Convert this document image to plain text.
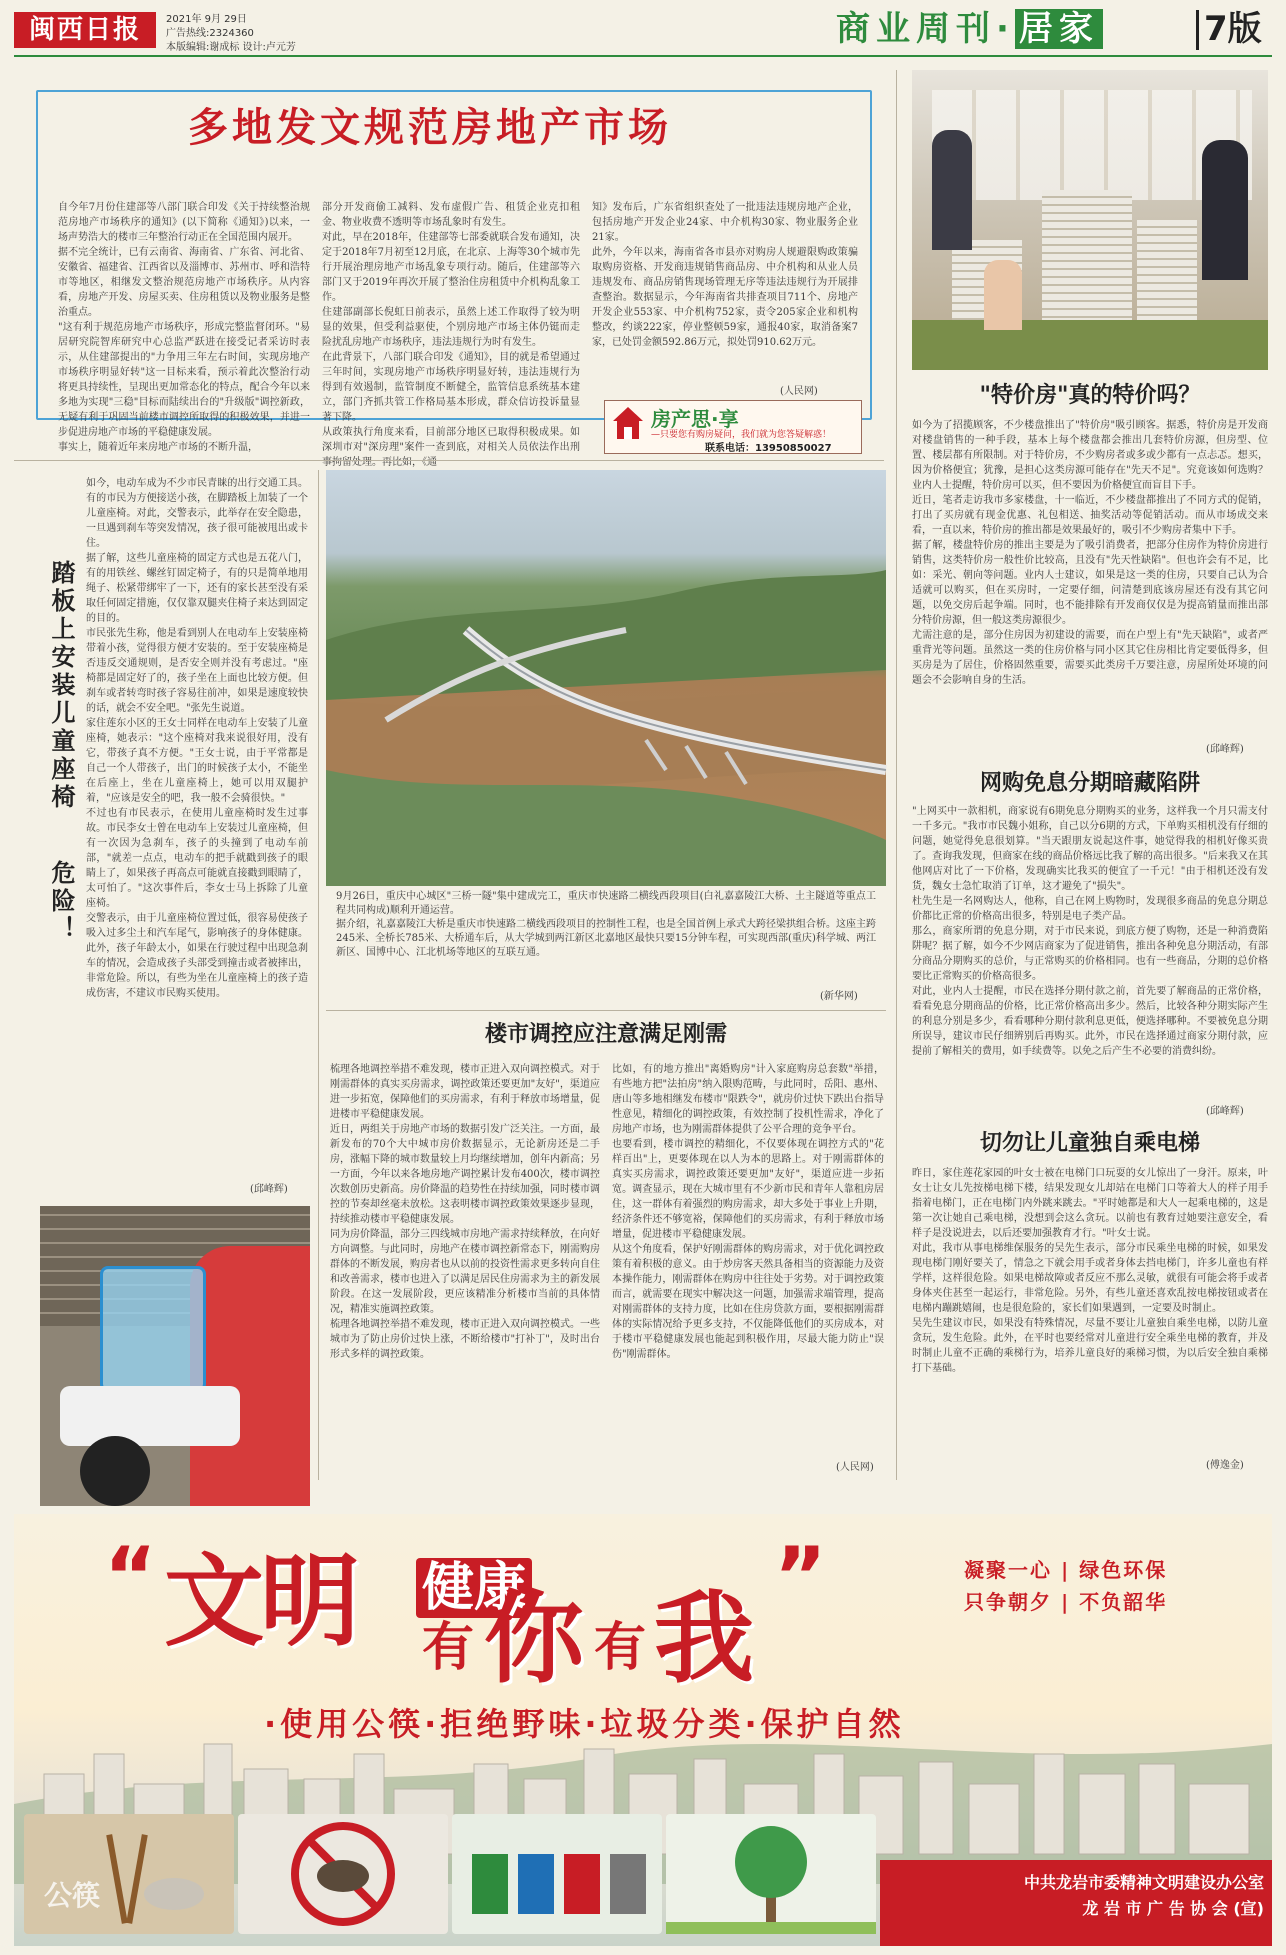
闽西日报	2021年 9月 29日
广告热线:2324360
本版编辑:谢成标 设计:卢元芳	商业周刊· 居家	7版
多地发文规范房地产市场
自今年7月份住建部等八部门联合印发《关于持续整治规范房地产市场秩序的通知》(以下简称《通知》)以来，一场声势浩大的楼市三年整治行动正在全国范围内展开。
据不完全统计，已有云南省、海南省、广东省、河北省、安徽省、福建省、江西省以及淄博市、苏州市、呼和浩特市等地区，相继发文整治规范房地产市场秩序。从内容看，房地产开发、房屋买卖、住房租赁以及物业服务是整治重点。
"这有利于规范房地产市场秩序，形成完整监督闭环。"易居研究院智库研究中心总监严跃进在接受记者采访时表示，从住建部提出的"力争用三年左右时间，实现房地产市场秩序明显好转"这一目标来看，预示着此次整治行动将更具持续性，呈现出更加常态化的特点，配合今年以来多地为实现"三稳"目标而陆续出台的"升级版"调控新政，无疑有利于巩固当前楼市调控所取得的积极效果，并进一步促进房地产市场的平稳健康发展。
事实上，随着近年来房地产市场的不断升温，
部分开发商偷工减料、发布虚假广告、租赁企业克扣租金、物业收费不透明等市场乱象时有发生。
对此，早在2018年，住建部等七部委就联合发布通知，决定于2018年7月初至12月底，在北京、上海等30个城市先行开展治理房地产市场乱象专项行动。随后，住建部等六部门又于2019年再次开展了整治住房租赁中介机构乱象工作。
住建部副部长倪虹日前表示，虽然上述工作取得了较为明显的效果，但受利益驱使，个别房地产市场主体仍铤而走险扰乱房地产市场秩序，违法违规行为时有发生。
在此背景下，八部门联合印发《通知》，目的就是希望通过三年时间，实现房地产市场秩序明显好转，违法违规行为得到有效遏制，监管制度不断健全，监管信息系统基本建立，部门齐抓共管工作格局基本形成，群众信访投诉量显著下降。
从政策执行角度来看，目前部分地区已取得积极成果。如深圳市对"深房理"案件一查到底，对相关人员依法作出刑事拘留处理。再比如，《通
知》发布后，广东省组织查处了一批违法违规房地产企业，包括房地产开发企业24家、中介机构30家、物业服务企业21家。
此外，今年以来，海南省各市县亦对购房人规避限购政策骗取购房资格、开发商违规销售商品房、中介机构和从业人员违规发布、商品房销售现场管理无序等违法违规行为开展排查整治。数据显示，今年海南省共排查项目711个、房地产开发企业553家、中介机构752家，责令205家企业和机构整改，约谈222家，停业整顿59家，通报40家，取消备案7家，已处罚金额592.86万元，拟处罚910.62万元。
(人民网)
房产思·享
—只要您有购房疑问，我们就为您答疑解惑！
联系电话：13950850027
"特价房"真的特价吗？
如今为了招揽顾客，不少楼盘推出了"特价房"吸引顾客。据悉，特价房是开发商对楼盘销售的一种手段，基本上每个楼盘都会推出几套特价房源，但房型、位置、楼层都有所限制。对于特价房，不少购房者或多或少都有一点忐忑。想买，因为价格便宜；犹豫，是担心这类房源可能存在"先天不足"。究竟该如何选购？业内人士提醒，特价房可以买，但不要因为价格便宜而盲目下手。
近日，笔者走访我市多家楼盘，十一临近，不少楼盘都推出了不同方式的促销，打出了买房就有现金优惠、礼包相送、抽奖活动等促销活动。而从市场成交来看，一直以来，特价房的推出都是效果最好的，吸引不少购房者集中下手。
据了解，楼盘特价房的推出主要是为了吸引消费者，把部分住房作为特价房进行销售，这类特价房一般性价比较高，且没有"先天性缺陷"。但也许会有不足，比如：采光、朝向等问题。业内人士建议，如果是这一类的住房，只要自己认为合适就可以购买，但在买房时，一定要仔细，问清楚到底该房屋还有没有其它问题，以免交房后起争端。同时，也不能排除有开发商仅仅是为提高销量而推出部分特价房源，但一般这类房源很少。
尤需注意的是，部分住房因为初建设的需要，而在户型上有"先天缺陷"，或者严重背光等问题。虽然这一类的住房价格与同小区其它住房相比肯定要低得多，但买房是为了居住，价格固然重要，需要买此类房千万要注意，房屋所处环境的问题会不会影响自身的生活。
(邱峰辉)
网购免息分期暗藏陷阱
"上网买中一款相机，商家说有6期免息分期购买的业务，这样我一个月只需支付一千多元。"我市市民魏小姐称，自己以分6期的方式，下单购买相机没有仔细的问题，她觉得免息很划算。"当天跟朋友说起这件事，她觉得我的相机好像买贵了。查询我发现，但商家在线的商品价格远比我了解的高出很多。"后来我又在其他网店对比了一下价格，发现确实比我买的便宜了一千元！"由于相机还没有发货，魏女士急忙取消了订单，这才避免了"损失"。
杜先生是一名网购达人，他称，自己在网上购物时，发现很多商品的免息分期总价都比正常的价格高出很多，特别是电子类产品。
那么，商家所谓的免息分期，对于市民来说，到底方便了购物，还是一种消费陷阱呢？据了解，如今不少网店商家为了促进销售，推出各种免息分期活动，有部分商品分期购买的总价，与正常购买的价格相同。也有一些商品，分期的总价格要比正常购买的价格高很多。
对此，业内人士提醒，市民在选择分期付款之前，首先要了解商品的正常价格，看看免息分期商品的价格，比正常价格高出多少。然后，比较各种分期实际产生的利息分别是多少，看看哪种分期付款利息更低，便选择哪种。不要被免息分期所误导，建议市民仔细辨别后再购买。此外，市民在选择通过商家分期付款，应提前了解相关的费用，如手续费等。以免之后产生不必要的消费纠纷。
(邱峰辉)
切勿让儿童独自乘电梯
昨日，家住莲花家园的叶女士被在电梯门口玩耍的女儿惊出了一身汗。原来，叶女士让女儿先按梯电梯下楼，结果发现女儿却站在电梯门口等着大人的样子用手指着电梯门，正在电梯门内外跳来跳去。"平时她都是和大人一起乘电梯的，这是第一次让她自己乘电梯，没想到会这么贪玩。以前也有教育过她要注意安全，看样子是没说进去，以后还要加强教育才行。"叶女士说。
对此，我市从事电梯维保服务的吴先生表示，部分市民乘坐电梯的时候，如果发现电梯门刚好要关了，情急之下就会用手或者身体去挡电梯门，许多儿童也有样学样，这样很危险。如果电梯故障或者反应不那么灵敏，就很有可能会将手或者身体夹住甚至一起运行，非常危险。另外，有些儿童还喜欢乱按电梯按钮或者在电梯内蹦跳嬉闹，也是很危险的，家长们如果遇到，一定要及时制止。
吴先生建议市民，如果没有特殊情况，尽量不要让儿童独自乘坐电梯，以防儿童贪玩，发生危险。此外，在平时也要经常对儿童进行安全乘坐电梯的教育，并及时制止儿童不正确的乘梯行为，培养儿童良好的乘梯习惯，为以后安全独自乘梯打下基础。
(傅逸金)
踏板上安装儿童座椅
危险！
如今，电动车成为不少市民青睐的出行交通工具。有的市民为方便接送小孩，在脚踏板上加装了一个儿童座椅。对此，交警表示，此举存在安全隐患，一旦遇到刹车等突发情况，孩子很可能被甩出或卡住。
据了解，这些儿童座椅的固定方式也是五花八门，有的用铁丝、螺丝钉固定椅子，有的只是简单地用绳子、松紧带绑牢了一下，还有的家长甚至没有采取任何固定措施，仅仅靠双腿夹住椅子来达到固定的目的。
市民张先生称，他是看到别人在电动车上安装座椅带着小孩，觉得很方便才安装的。至于安装座椅是否违反交通规则，是否安全则并没有考虑过。"座椅都是固定好了的，孩子坐在上面也比较方便。但刹车或者转弯时孩子容易往前冲，如果是速度较快的话，就会不安全吧。"张先生说道。
家住莲东小区的王女士同样在电动车上安装了儿童座椅，她表示："这个座椅对我来说很好用，没有它，带孩子真不方便。"王女士说，由于平常都是自己一个人带孩子，出门的时候孩子太小，不能坐在后座上，坐在儿童座椅上，她可以用双腿护着，"应该是安全的吧，我一般不会骑很快。"
不过也有市民表示，在使用儿童座椅时发生过事故。市民李女士曾在电动车上安装过儿童座椅，但有一次因为急刹车，孩子的头撞到了电动车前部，"就差一点点，电动车的把手就戳到孩子的眼睛上了，如果孩子再高点可能就直接戳到眼睛了，太可怕了。"这次事件后，李女士马上拆除了儿童座椅。
交警表示，由于儿童座椅位置过低，很容易使孩子吸入过多尘土和汽车尾气，影响孩子的身体健康。此外，孩子年龄太小，如果在行驶过程中出现急刹车的情况，会造成孩子头部受到撞击或者被摔出，非常危险。所以，有些为坐在儿童座椅上的孩子造成伤害，不建议市民购买使用。
(邱峰辉)
9月26日，重庆中心城区"三桥一隧"集中建成完工，重庆市快速路二横线西段项目(白礼嘉嘉陵江大桥、土主隧道等重点工程共同构成)顺利开通运营。
据介绍，礼嘉嘉陵江大桥是重庆市快速路二横线西段项目的控制性工程，也是全国首例上承式大跨径梁拱组合桥。这座主跨245米、全桥长785米、大桥通车后，从大学城到两江新区北嘉地区最快只要15分钟车程，可实现西部(重庆)科学城、两江新区、国博中心、江北机场等地区的互联互通。
(新华网)
楼市调控应注意满足刚需
梳理各地调控举措不难发现，楼市正进入双向调控模式。对于刚需群体的真实买房需求，调控政策还要更加"友好"，渠道应进一步拓宽，保障他们的买房需求，有利于释放市场增量，促进楼市平稳健康发展。
近日，两组关于房地产市场的数据引发广泛关注。一方面，最新发布的70个大中城市房价数据显示，无论新房还是二手房，涨幅下降的城市数量较上月均继续增加，创年内新高；另一方面，今年以来各地房地产调控累计发布400次，楼市调控次数创历史新高。房价降温的趋势性在持续加强，同时楼市调控的节奏却丝毫未放松。这表明楼市调控政策效果逐步显现，持续推动楼市平稳健康发展。
同为房价降温，部分三四线城市房地产需求持续释放，在向好方向调整。与此同时，房地产在楼市调控新常态下，刚需购房群体的不断发展，购房者也从以前的投资性需求更多转向自住和改善需求，楼市也进入了以满足居民住房需求为主的新发展阶段。在这一发展阶段，更应该精准分析楼市当前的具体情况，精准实施调控政策。
梳理各地调控举措不难发现，楼市正进入双向调控模式。一些城市为了防止房价过快上涨，不断给楼市"打补丁"，及时出台形式多样的调控政策。
比如，有的地方推出"离婚购房"计入家庭购房总套数"举措，有些地方把"法拍房"纳入限购范畴，与此同时，岳阳、惠州、唐山等多地相继发布楼市"限跌令"，就房价过快下跌出台指导性意见，精细化的调控政策，有效控制了投机性需求，净化了房地产市场，也为刚需群体提供了公平合理的竞争平台。
也要看到，楼市调控的精细化，不仅要体现在调控方式的"花样百出"上，更要体现在以人为本的思路上。对于刚需群体的真实买房需求，调控政策还要更加"友好"，渠道应进一步拓宽。调查显示，现在大城市里有不少新市民和青年人靠租房居住，这一群体有着强烈的购房需求，却大多处于事业上升期，经济条件还不够宽裕，保障他们的买房需求，有利于释放市场增量，促进楼市平稳健康发展。
从这个角度看，保护好刚需群体的购房需求，对于优化调控政策有着积极的意义。由于炒房客天然具备相当的资源能力及资本操作能力，刚需群体在购房中往往处于劣势。对于调控政策而言，就需要在现实中解决这一问题，加强需求端管理，提高对刚需群体的支持力度，比如在住房贷款方面，要根据刚需群体的实际情况给予更多支持，不仅能降低他们的买房成本，对于楼市平稳健康发展也能起到积极作用，尽最大能力防止"误伤"刚需群体。
(人民网)
“ 文明 健康
有 你 有 我
”	凝聚一心 | 绿色环保
只争朝夕 | 不负韶华
·使用公筷·拒绝野味·垃圾分类·保护自然
公筷	中共龙岩市委精神文明建设办公室
龙 岩 市 广 告 协 会 (宣)
